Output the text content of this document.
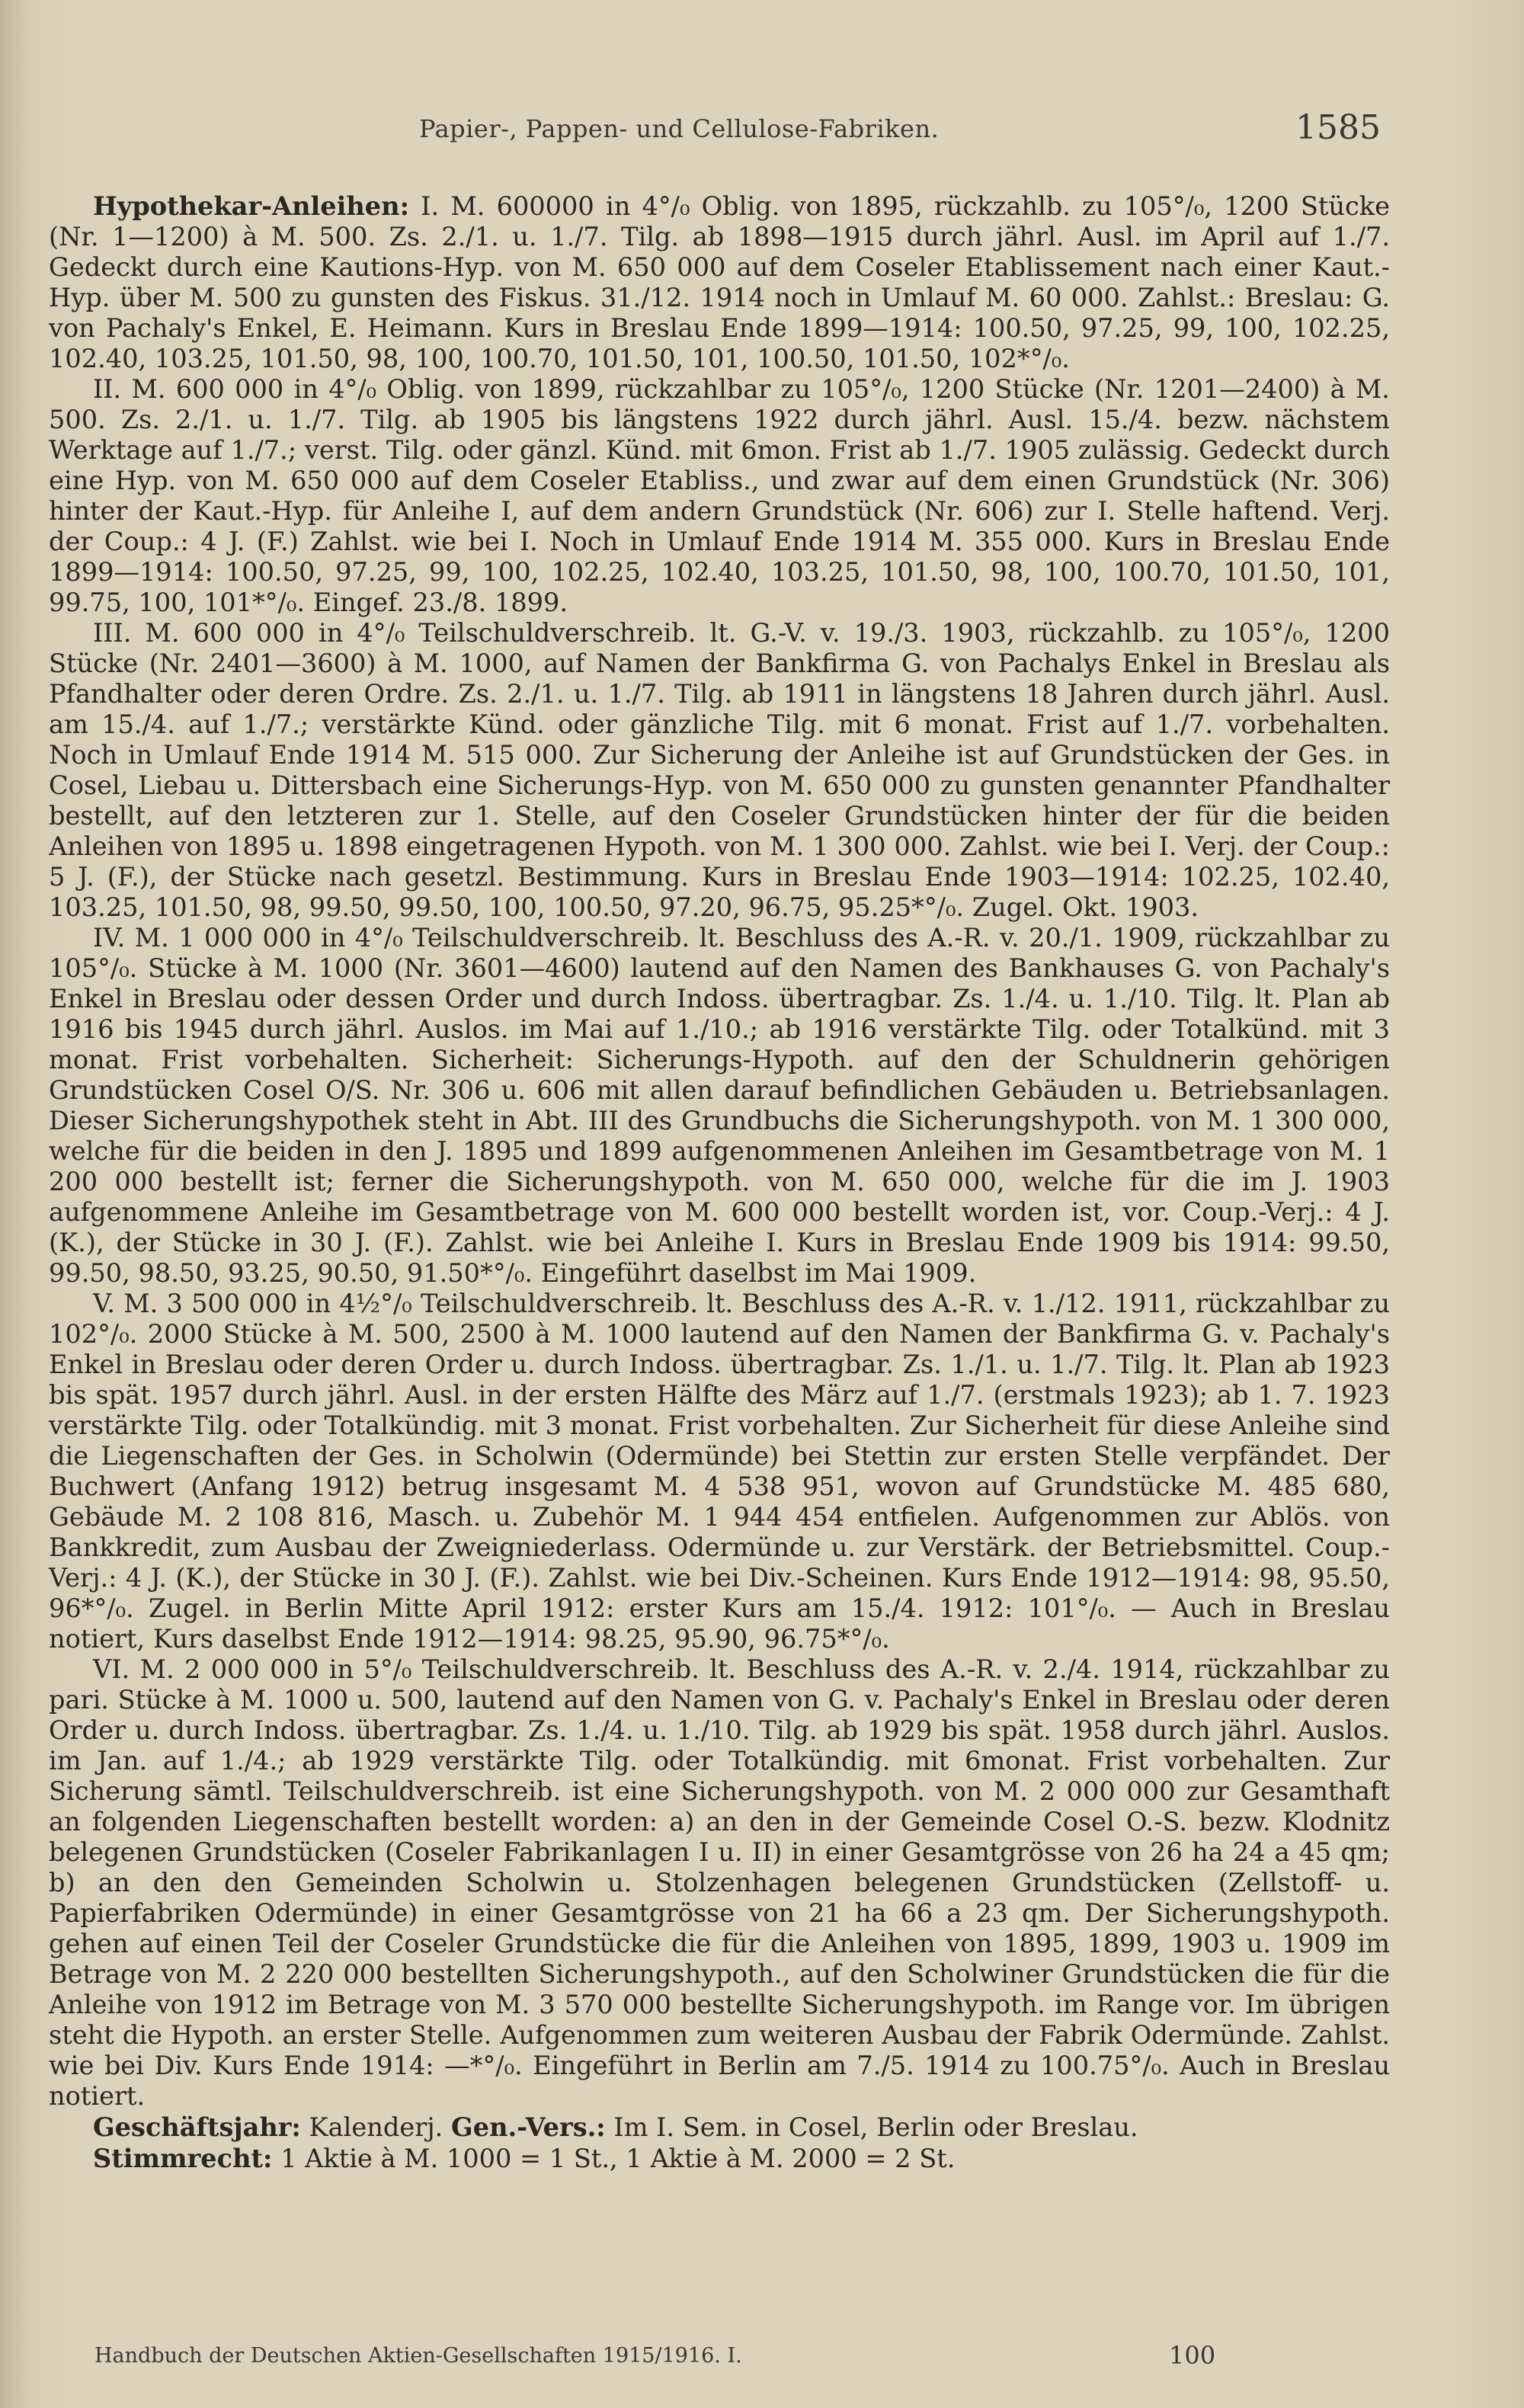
Papier-, Pappen- und Cellulose-Fabriken.	1585

Hypothekar-Anleihen: I. M. 600000 in 4°/₀ Oblig. von 1895, rückzahlb. zu 105°/₀, 1200 Stücke (Nr. 1—1200) à M. 500. Zs. 2./1. u. 1./7. Tilg. ab 1898—1915 durch jährl. Ausl. im April auf 1./7. Gedeckt durch eine Kautions-Hyp. von M. 650 000 auf dem Coseler Etablissement nach einer Kaut.-Hyp. über M. 500 zu gunsten des Fiskus. 31./12. 1914 noch in Umlauf M. 60 000. Zahlst.: Breslau: G. von Pachaly's Enkel, E. Heimann. Kurs in Breslau Ende 1899—1914: 100.50, 97.25, 99, 100, 102.25, 102.40, 103.25, 101.50, 98, 100, 100.70, 101.50, 101, 100.50, 101.50, 102*°/₀.

II. M. 600 000 in 4°/₀ Oblig. von 1899, rückzahlbar zu 105°/₀, 1200 Stücke (Nr. 1201—2400) à M. 500. Zs. 2./1. u. 1./7. Tilg. ab 1905 bis längstens 1922 durch jährl. Ausl. 15./4. bezw. nächstem Werktage auf 1./7.; verst. Tilg. oder gänzl. Künd. mit 6mon. Frist ab 1./7. 1905 zulässig. Gedeckt durch eine Hyp. von M. 650 000 auf dem Coseler Etabliss., und zwar auf dem einen Grundstück (Nr. 306) hinter der Kaut.-Hyp. für Anleihe I, auf dem andern Grundstück (Nr. 606) zur I. Stelle haftend. Verj. der Coup.: 4 J. (F.) Zahlst. wie bei I. Noch in Umlauf Ende 1914 M. 355 000. Kurs in Breslau Ende 1899—1914: 100.50, 97.25, 99, 100, 102.25, 102.40, 103.25, 101.50, 98, 100, 100.70, 101.50, 101, 99.75, 100, 101*°/₀. Eingef. 23./8. 1899.

III. M. 600 000 in 4°/₀ Teilschuldverschreib. lt. G.-V. v. 19./3. 1903, rückzahlb. zu 105°/₀, 1200 Stücke (Nr. 2401—3600) à M. 1000, auf Namen der Bankfirma G. von Pachalys Enkel in Breslau als Pfandhalter oder deren Ordre. Zs. 2./1. u. 1./7. Tilg. ab 1911 in längstens 18 Jahren durch jährl. Ausl. am 15./4. auf 1./7.; verstärkte Künd. oder gänzliche Tilg. mit 6 monat. Frist auf 1./7. vorbehalten. Noch in Umlauf Ende 1914 M. 515 000. Zur Sicherung der Anleihe ist auf Grundstücken der Ges. in Cosel, Liebau u. Dittersbach eine Sicherungs-Hyp. von M. 650 000 zu gunsten genannter Pfandhalter bestellt, auf den letzteren zur 1. Stelle, auf den Coseler Grundstücken hinter der für die beiden Anleihen von 1895 u. 1898 eingetragenen Hypoth. von M. 1 300 000. Zahlst. wie bei I. Verj. der Coup.: 5 J. (F.), der Stücke nach gesetzl. Bestimmung. Kurs in Breslau Ende 1903—1914: 102.25, 102.40, 103.25, 101.50, 98, 99.50, 99.50, 100, 100.50, 97.20, 96.75, 95.25*°/₀. Zugel. Okt. 1903.

IV. M. 1 000 000 in 4°/₀ Teilschuldverschreib. lt. Beschluss des A.-R. v. 20./1. 1909, rückzahlbar zu 105°/₀. Stücke à M. 1000 (Nr. 3601—4600) lautend auf den Namen des Bankhauses G. von Pachaly's Enkel in Breslau oder dessen Order und durch Indoss. übertragbar. Zs. 1./4. u. 1./10. Tilg. lt. Plan ab 1916 bis 1945 durch jährl. Auslos. im Mai auf 1./10.; ab 1916 verstärkte Tilg. oder Totalkünd. mit 3 monat. Frist vorbehalten. Sicherheit: Sicherungs-Hypoth. auf den der Schuldnerin gehörigen Grundstücken Cosel O/S. Nr. 306 u. 606 mit allen darauf befindlichen Gebäuden u. Betriebsanlagen. Dieser Sicherungshypothek steht in Abt. III des Grundbuchs die Sicherungshypoth. von M. 1 300 000, welche für die beiden in den J. 1895 und 1899 aufgenommenen Anleihen im Gesamtbetrage von M. 1 200 000 bestellt ist; ferner die Sicherungshypoth. von M. 650 000, welche für die im J. 1903 aufgenommene Anleihe im Gesamtbetrage von M. 600 000 bestellt worden ist, vor. Coup.-Verj.: 4 J. (K.), der Stücke in 30 J. (F.). Zahlst. wie bei Anleihe I. Kurs in Breslau Ende 1909 bis 1914: 99.50, 99.50, 98.50, 93.25, 90.50, 91.50*°/₀. Eingeführt daselbst im Mai 1909.

V. M. 3 500 000 in 4½°/₀ Teilschuldverschreib. lt. Beschluss des A.-R. v. 1./12. 1911, rückzahlbar zu 102°/₀. 2000 Stücke à M. 500, 2500 à M. 1000 lautend auf den Namen der Bankfirma G. v. Pachaly's Enkel in Breslau oder deren Order u. durch Indoss. übertragbar. Zs. 1./1. u. 1./7. Tilg. lt. Plan ab 1923 bis spät. 1957 durch jährl. Ausl. in der ersten Hälfte des März auf 1./7. (erstmals 1923); ab 1. 7. 1923 verstärkte Tilg. oder Totalkündig. mit 3 monat. Frist vorbehalten. Zur Sicherheit für diese Anleihe sind die Liegenschaften der Ges. in Scholwin (Odermünde) bei Stettin zur ersten Stelle verpfändet. Der Buchwert (Anfang 1912) betrug insgesamt M. 4 538 951, wovon auf Grundstücke M. 485 680, Gebäude M. 2 108 816, Masch. u. Zubehör M. 1 944 454 entfielen. Aufgenommen zur Ablös. von Bankkredit, zum Ausbau der Zweigniederlass. Odermünde u. zur Verstärk. der Betriebsmittel. Coup.-Verj.: 4 J. (K.), der Stücke in 30 J. (F.). Zahlst. wie bei Div.-Scheinen. Kurs Ende 1912—1914: 98, 95.50, 96*°/₀. Zugel. in Berlin Mitte April 1912: erster Kurs am 15./4. 1912: 101°/₀. — Auch in Breslau notiert, Kurs daselbst Ende 1912—1914: 98.25, 95.90, 96.75*°/₀.

VI. M. 2 000 000 in 5°/₀ Teilschuldverschreib. lt. Beschluss des A.-R. v. 2./4. 1914, rückzahlbar zu pari. Stücke à M. 1000 u. 500, lautend auf den Namen von G. v. Pachaly's Enkel in Breslau oder deren Order u. durch Indoss. übertragbar. Zs. 1./4. u. 1./10. Tilg. ab 1929 bis spät. 1958 durch jährl. Auslos. im Jan. auf 1./4.; ab 1929 verstärkte Tilg. oder Totalkündig. mit 6monat. Frist vorbehalten. Zur Sicherung sämtl. Teilschuldverschreib. ist eine Sicherungshypoth. von M. 2 000 000 zur Gesamthaft an folgenden Liegenschaften bestellt worden: a) an den in der Gemeinde Cosel O.-S. bezw. Klodnitz belegenen Grundstücken (Coseler Fabrikanlagen I u. II) in einer Gesamtgrösse von 26 ha 24 a 45 qm; b) an den den Gemeinden Scholwin u. Stolzenhagen belegenen Grundstücken (Zellstoff- u. Papierfabriken Odermünde) in einer Gesamtgrösse von 21 ha 66 a 23 qm. Der Sicherungshypoth. gehen auf einen Teil der Coseler Grundstücke die für die Anleihen von 1895, 1899, 1903 u. 1909 im Betrage von M. 2 220 000 bestellten Sicherungshypoth., auf den Scholwiner Grundstücken die für die Anleihe von 1912 im Betrage von M. 3 570 000 bestellte Sicherungshypoth. im Range vor. Im übrigen steht die Hypoth. an erster Stelle. Aufgenommen zum weiteren Ausbau der Fabrik Odermünde. Zahlst. wie bei Div. Kurs Ende 1914: —*°/₀. Eingeführt in Berlin am 7./5. 1914 zu 100.75°/₀. Auch in Breslau notiert.

Geschäftsjahr: Kalenderj. Gen.-Vers.: Im I. Sem. in Cosel, Berlin oder Breslau.

Stimmrecht: 1 Aktie à M. 1000 = 1 St., 1 Aktie à M. 2000 = 2 St.

Handbuch der Deutschen Aktien-Gesellschaften 1915/1916. I.	100
